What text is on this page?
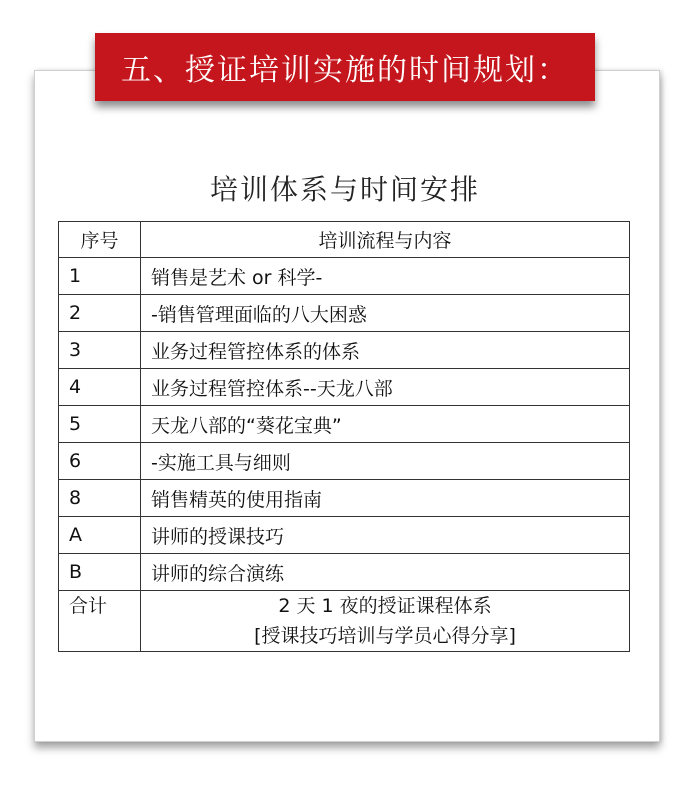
五、授证培训实施的时间规划：
培训体系与时间安排
序号	培训流程与内容
1	销售是艺术 or 科学-
2	-销售管理面临的八大困惑
3	业务过程管控体系的体系
4	业务过程管控体系--天龙八部
5	天龙八部的“葵花宝典”
6	-实施工具与细则
8	销售精英的使用指南
A	讲师的授课技巧
B	讲师的综合演练
合计	2 天 1 夜的授证课程体系
[授课技巧培训与学员心得分享]
